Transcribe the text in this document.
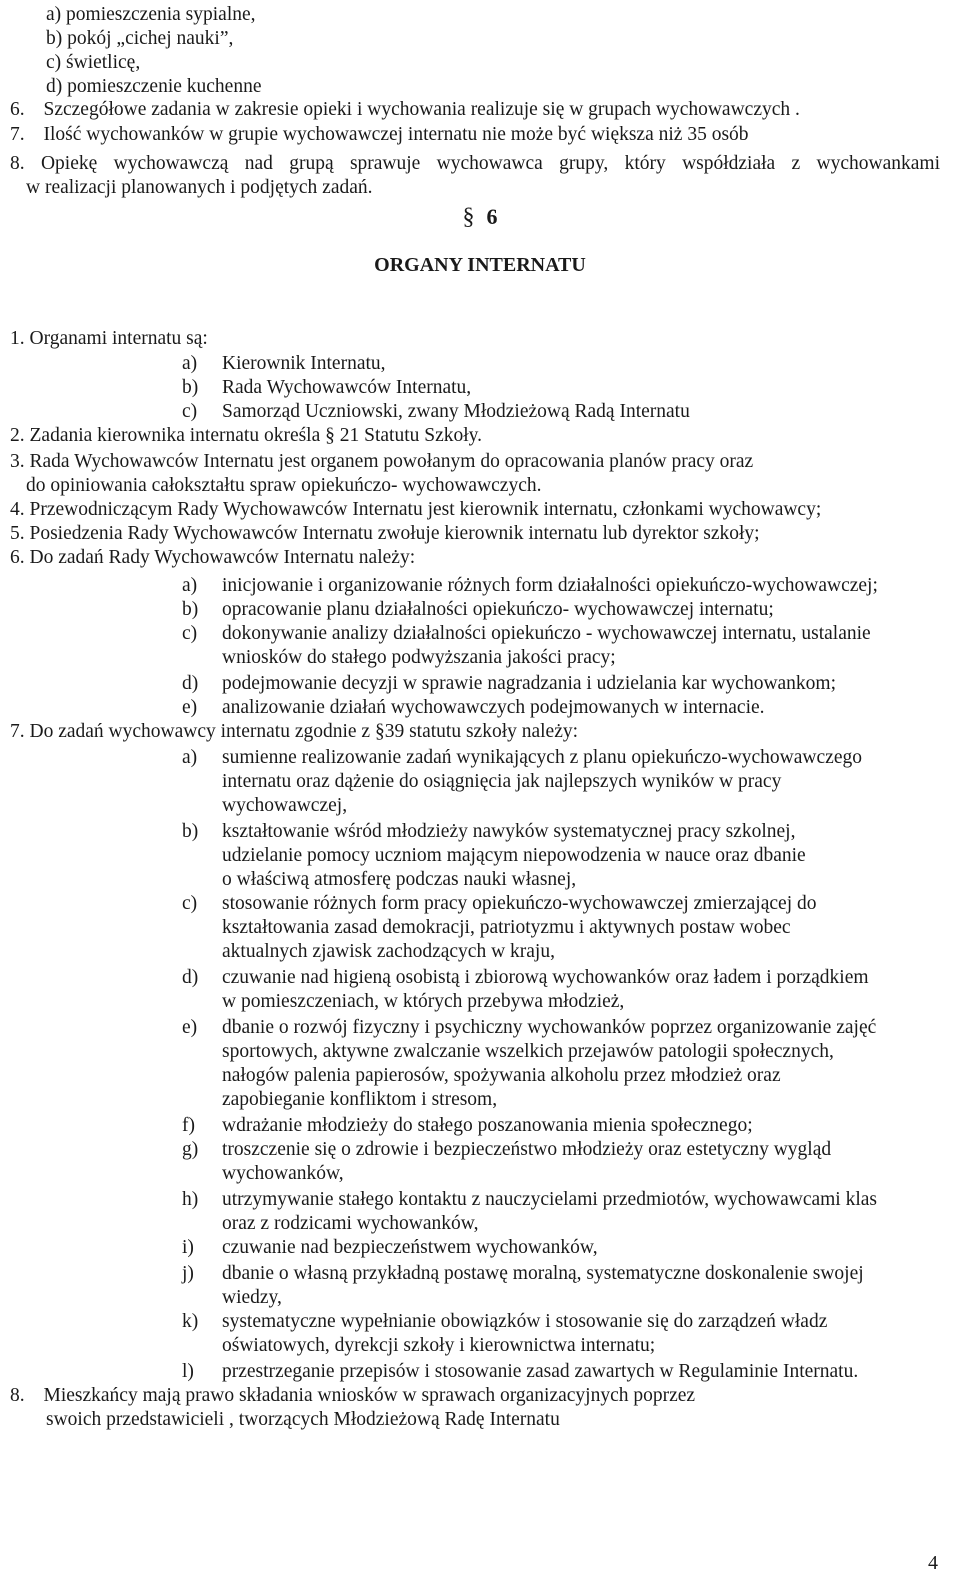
a) pomieszczenia sypialne,
b) pokój „cichej nauki”,
c) świetlicę,
d) pomieszczenie kuchenne
6. Szczegółowe zadania w zakresie opieki i wychowania realizuje się w grupach wychowawczych .
7. Ilość wychowanków w grupie wychowawczej internatu nie może być większa niż 35 osób
8. Opiekę wychowawczą nad grupą sprawuje wychowawca grupy, który współdziała z wychowankami
w realizacji planowanych i podjętych zadań.
§ 6
ORGANY INTERNATU
1. Organami internatu są:
a) Kierownik Internatu,
b) Rada Wychowawców Internatu,
c) Samorząd Uczniowski, zwany Młodzieżową Radą Internatu
2. Zadania kierownika internatu określa § 21 Statutu Szkoły.
3. Rada Wychowawców Internatu jest organem powołanym do opracowania planów pracy oraz
do opiniowania całokształtu spraw opiekuńczo- wychowawczych.
4. Przewodniczącym Rady Wychowawców Internatu jest kierownik internatu, członkami wychowawcy;
5. Posiedzenia Rady Wychowawców Internatu zwołuje kierownik internatu lub dyrektor szkoły;
6. Do zadań Rady Wychowawców Internatu należy:
a) inicjowanie i organizowanie różnych form działalności opiekuńczo-wychowawczej;
b) opracowanie planu działalności opiekuńczo- wychowawczej internatu;
c) dokonywanie analizy działalności opiekuńczo - wychowawczej internatu, ustalanie
wniosków do stałego podwyższania jakości pracy;
d) podejmowanie decyzji w sprawie nagradzania i udzielania kar wychowankom;
e) analizowanie działań wychowawczych podejmowanych w internacie.
7. Do zadań wychowawcy internatu zgodnie z §39 statutu szkoły należy:
a) sumienne realizowanie zadań wynikających z planu opiekuńczo-wychowawczego
internatu oraz dążenie do osiągnięcia jak najlepszych wyników w pracy
wychowawczej,
b) kształtowanie wśród młodzieży nawyków systematycznej pracy szkolnej,
udzielanie pomocy uczniom mającym niepowodzenia w nauce oraz dbanie
o właściwą atmosferę podczas nauki własnej,
c) stosowanie różnych form pracy opiekuńczo-wychowawczej zmierzającej do
kształtowania zasad demokracji, patriotyzmu i aktywnych postaw wobec
aktualnych zjawisk zachodzących w kraju,
d) czuwanie nad higieną osobistą i zbiorową wychowanków oraz ładem i porządkiem
w pomieszczeniach, w których przebywa młodzież,
e) dbanie o rozwój fizyczny i psychiczny wychowanków poprzez organizowanie zajęć
sportowych, aktywne zwalczanie wszelkich przejawów patologii społecznych,
nałogów palenia papierosów, spożywania alkoholu przez młodzież oraz
zapobieganie konfliktom i stresom,
f) wdrażanie młodzieży do stałego poszanowania mienia społecznego;
g) troszczenie się o zdrowie i bezpieczeństwo młodzieży oraz estetyczny wygląd
wychowanków,
h) utrzymywanie stałego kontaktu z nauczycielami przedmiotów, wychowawcami klas
oraz z rodzicami wychowanków,
i) czuwanie nad bezpieczeństwem wychowanków,
j) dbanie o własną przykładną postawę moralną, systematyczne doskonalenie swojej
wiedzy,
k) systematyczne wypełnianie obowiązków i stosowanie się do zarządzeń władz
oświatowych, dyrekcji szkoły i kierownictwa internatu;
l) przestrzeganie przepisów i stosowanie zasad zawartych w Regulaminie Internatu.
8. Mieszkańcy mają prawo składania wniosków w sprawach organizacyjnych poprzez
swoich przedstawicieli , tworzących Młodzieżową Radę Internatu
4
